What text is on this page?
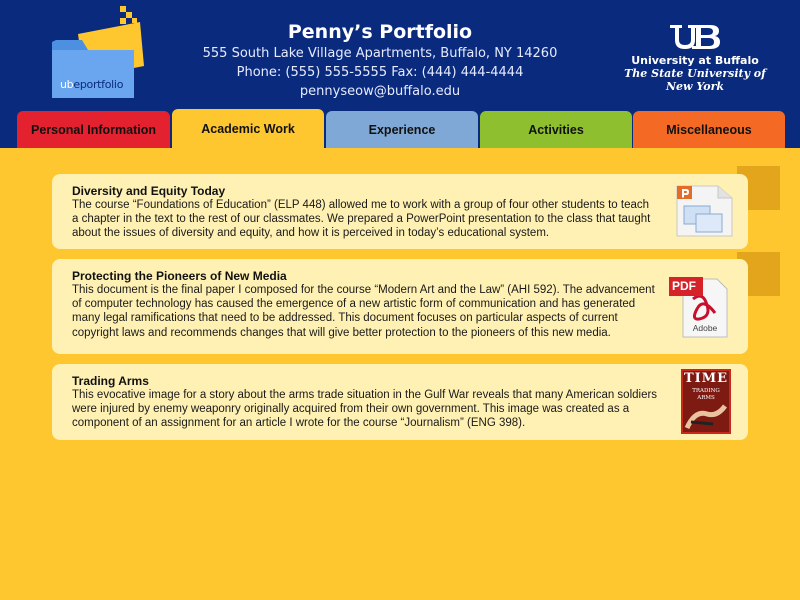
ubeportfolio
Penny’s Portfolio
555 South Lake Village Apartments, Buffalo, NY 14260
Phone: (555) 555-5555 Fax: (444) 444-4444
pennyseow@buffalo.edu
University at Buffalo
The State University of New York
Personal Information	Academic Work	Experience	Activities	Miscellaneous
Diversity and Equity Today
The course “Foundations of Education” (ELP 448) allowed me to work with a group of four other students to teach a chapter in the text to the rest of our classmates. We prepared a PowerPoint presentation to the class that taught about the issues of diversity and equity, and how it is perceived in today’s educational system.
Protecting the Pioneers of New Media
This document is the final paper I composed for the course “Modern Art and the Law” (AHI 592). The advancement of computer technology has caused the emergence of a new artistic form of communication and has generated many legal ramifications that need to be addressed. This document focuses on particular aspects of current copyright laws and recommends changes that will give better protection to the pioneers of this new media.
PDF
Adobe
Trading Arms
This evocative image for a story about the arms trade situation in the Gulf War reveals that many American soldiers were injured by enemy weaponry originally acquired from their own government. This image was created as a component of an assignment for an article I wrote for the course “Journalism” (ENG 398).
TIME
TRADING ARMS
